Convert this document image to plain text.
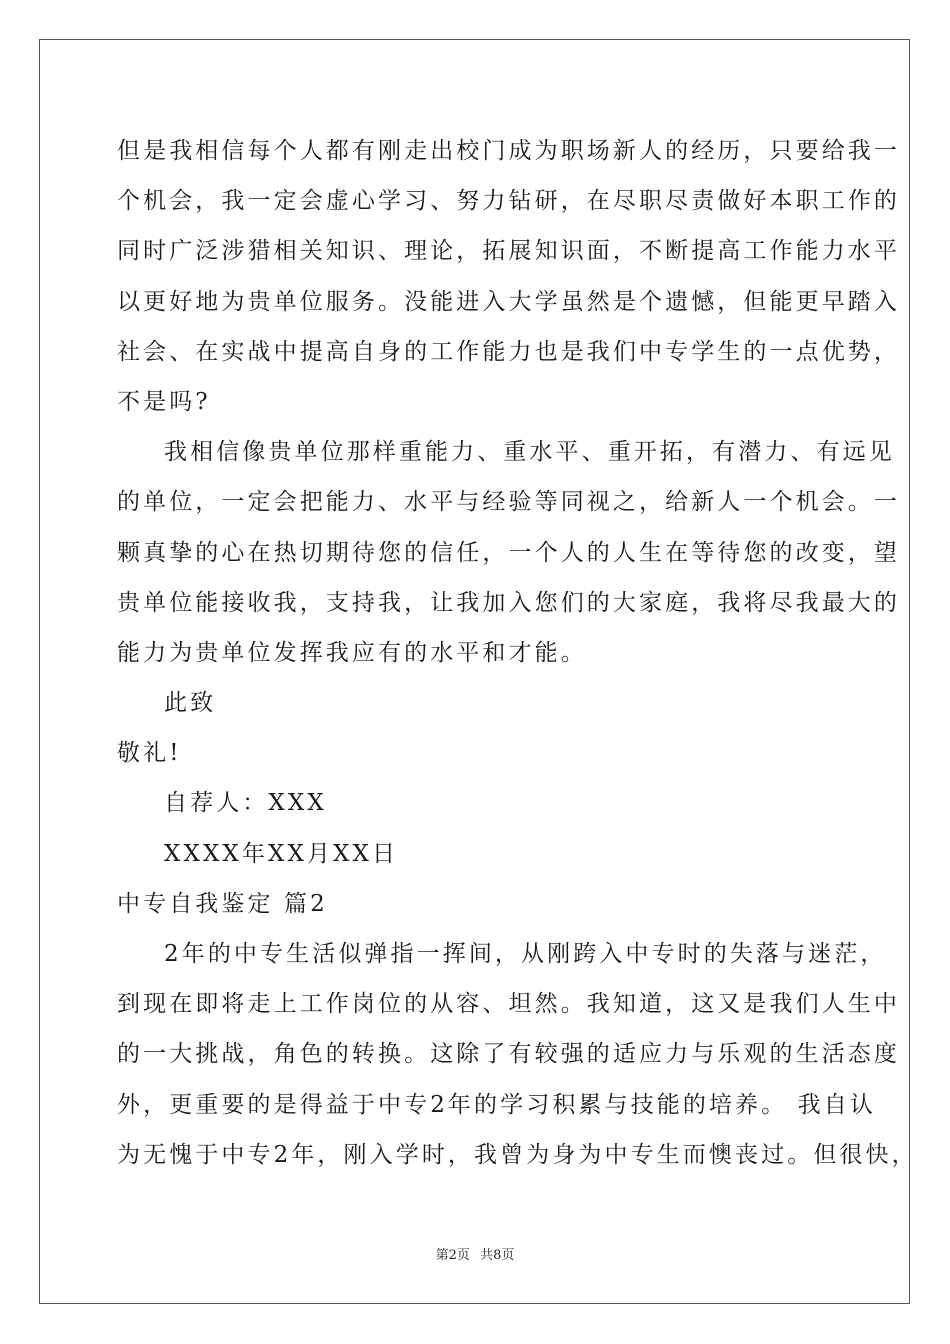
但是我相信每个人都有刚走出校门成为职场新人的经历，只要给我一
个机会，我一定会虚心学习、努力钻研，在尽职尽责做好本职工作的
同时广泛涉猎相关知识、理论，拓展知识面，不断提高工作能力水平
以更好地为贵单位服务。没能进入大学虽然是个遗憾，但能更早踏入
社会、在实战中提高自身的工作能力也是我们中专学生的一点优势，
不是吗?
我相信像贵单位那样重能力、重水平、重开拓，有潜力、有远见
的单位，一定会把能力、水平与经验等同视之，给新人一个机会。一
颗真挚的心在热切期待您的信任，一个人的人生在等待您的改变，望
贵单位能接收我，支持我，让我加入您们的大家庭，我将尽我最大的
能力为贵单位发挥我应有的水平和才能。
此致
敬礼!
自荐人：XXX
XXXX年XX月XX日
中专自我鉴定 篇2
2年的中专生活似弹指一挥间，从刚跨入中专时的失落与迷茫，
到现在即将走上工作岗位的从容、坦然。我知道，这又是我们人生中
的一大挑战，角色的转换。这除了有较强的适应力与乐观的生活态度
外，更重要的是得益于中专2年的学习积累与技能的培养。 我自认
为无愧于中专2年，刚入学时，我曾为身为中专生而懊丧过。但很快，
第2页 共8页
